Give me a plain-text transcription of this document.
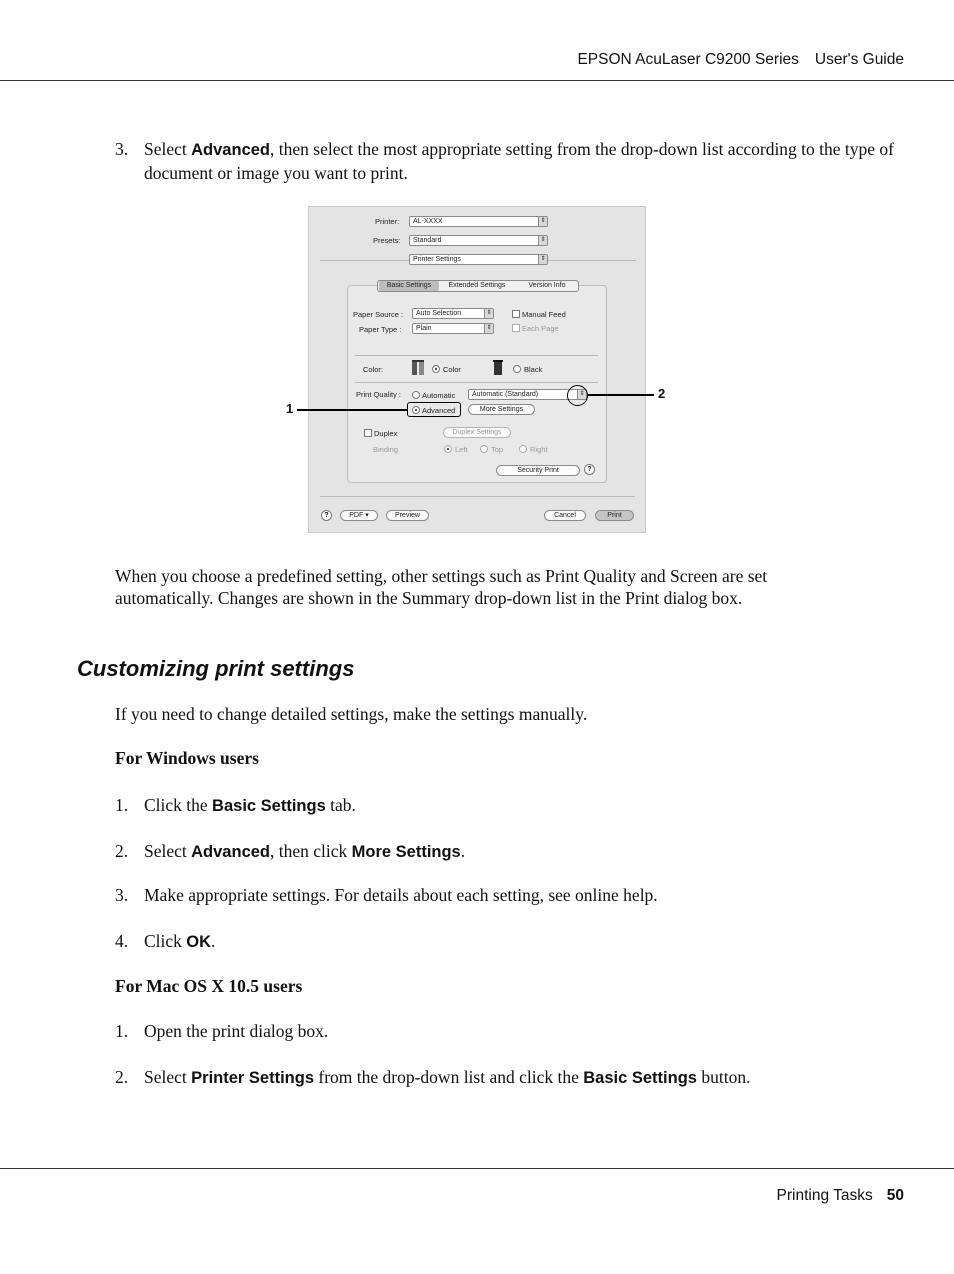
EPSON AcuLaser C9200 Series User's Guide
3. Select Advanced, then select the most appropriate setting from the drop-down list according to the type of document or image you want to print.
Printer:	AL-XXXX	⇕
Presets:	Standard	⇕
Printer Settings	⇕
Basic Settings	Extended Settings	Version Info
Paper Source :	Auto Selection	⇕	Manual Feed
Paper Type :	Plain	⇕	Each Page
Color:	Color	Black
Print Quality :	Automatic	Automatic (Standard)	⇕
Advanced	More Settings
Duplex	Duplex Settings
Binding	Left	Top	Right
Security Print	?
?	PDF ▾	Preview	Cancel	Print
1
2
When you choose a predefined setting, other settings such as Print Quality and Screen are set automatically. Changes are shown in the Summary drop-down list in the Print dialog box.
Customizing print settings
If you need to change detailed settings, make the settings manually.
For Windows users
1. Click the Basic Settings tab.
2. Select Advanced, then click More Settings.
3. Make appropriate settings. For details about each setting, see online help.
4. Click OK.
For Mac OS X 10.5 users
1. Open the print dialog box.
2. Select Printer Settings from the drop-down list and click the Basic Settings button.
Printing Tasks 50
